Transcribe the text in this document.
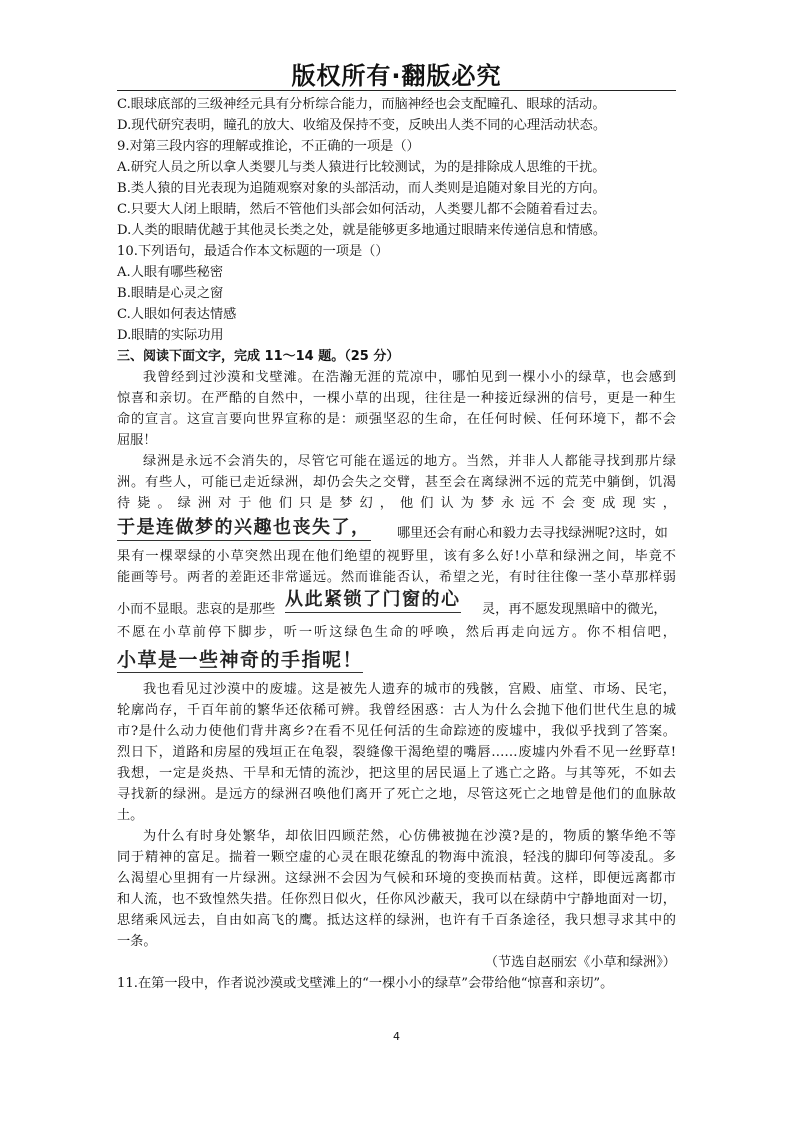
版权所有·翻版必究
C.眼球底部的三级神经元具有分析综合能力，而脑神经也会支配瞳孔、眼球的活动。
D.现代研究表明，瞳孔的放大、收缩及保持不变，反映出人类不同的心理活动状态。
9.对第三段内容的理解或推论，不正确的一项是（）
A.研究人员之所以拿人类婴儿与类人猿进行比较测试，为的是排除成人思维的干扰。
B.类人猿的目光表现为追随观察对象的头部活动，而人类则是追随对象目光的方向。
C.只要大人闭上眼睛，然后不管他们头部会如何活动，人类婴儿都不会随着看过去。
D.人类的眼睛优越于其他灵长类之处，就是能够更多地通过眼睛来传递信息和情感。
10.下列语句，最适合作本文标题的一项是（）
A.人眼有哪些秘密
B.眼睛是心灵之窗
C.人眼如何表达情感
D.眼睛的实际功用
三、阅读下面文字，完成 11～14 题。（25 分）
我曾经到过沙漠和戈壁滩。在浩瀚无涯的荒凉中，哪怕见到一棵小小的绿草，也会感到
惊喜和亲切。在严酷的自然中，一棵小草的出现，往往是一种接近绿洲的信号，更是一种生
命的宣言。这宣言要向世界宣称的是：顽强坚忍的生命，在任何时候、任何环境下，都不会
屈服！
绿洲是永远不会消失的，尽管它可能在遥远的地方。当然，并非人人都能寻找到那片绿
洲。有些人，可能已走近绿洲，却仍会失之交臂，甚至会在离绿洲不远的荒芜中躺倒，饥渴
待毙。绿洲对于他们只是梦幻，他们认为梦永远不会变成现实，
于是连做梦的兴趣也丧失了， 哪里还会有耐心和毅力去寻找绿洲呢?这时，如
果有一棵翠绿的小草突然出现在他们绝望的视野里，该有多么好!小草和绿洲之间，毕竟不
能画等号。两者的差距还非常遥远。然而谁能否认，希望之光，有时往往像一茎小草那样弱
小而不显眼。悲哀的是那些 从此紧锁了门窗的心 灵，再不愿发现黑暗中的微光，
不愿在小草前停下脚步，听一听这绿色生命的呼唤，然后再走向远方。你不相信吧，
小草是一些神奇的手指呢！
我也看见过沙漠中的废墟。这是被先人遗弃的城市的残骸，宫殿、庙堂、市场、民宅，
轮廓尚存，千百年前的繁华还依稀可辨。我曾经困惑：古人为什么会抛下他们世代生息的城
市?是什么动力使他们背井离乡?在看不见任何活的生命踪迹的废墟中，我似乎找到了答案。
烈日下，道路和房屋的残垣正在龟裂，裂缝像干渴绝望的嘴唇……废墟内外看不见一丝野草!
我想，一定是炎热、干旱和无情的流沙，把这里的居民逼上了逃亡之路。与其等死，不如去
寻找新的绿洲。是远方的绿洲召唤他们离开了死亡之地，尽管这死亡之地曾是他们的血脉故
土。
为什么有时身处繁华，却依旧四顾茫然，心仿佛被抛在沙漠?是的，物质的繁华绝不等
同于精神的富足。揣着一颗空虚的心灵在眼花缭乱的物海中流浪，轻浅的脚印何等凌乱。多
么渴望心里拥有一片绿洲。这绿洲不会因为气候和环境的变换而枯黄。这样，即便远离都市
和人流，也不致惶然失措。任你烈日似火，任你风沙蔽天，我可以在绿荫中宁静地面对一切，
思绪乘风远去，自由如高飞的鹰。抵达这样的绿洲，也许有千百条途径，我只想寻求其中的
一条。
（节选自赵丽宏《小草和绿洲》）
11.在第一段中，作者说沙漠或戈壁滩上的“一棵小小的绿草”会带给他“惊喜和亲切”。
4
